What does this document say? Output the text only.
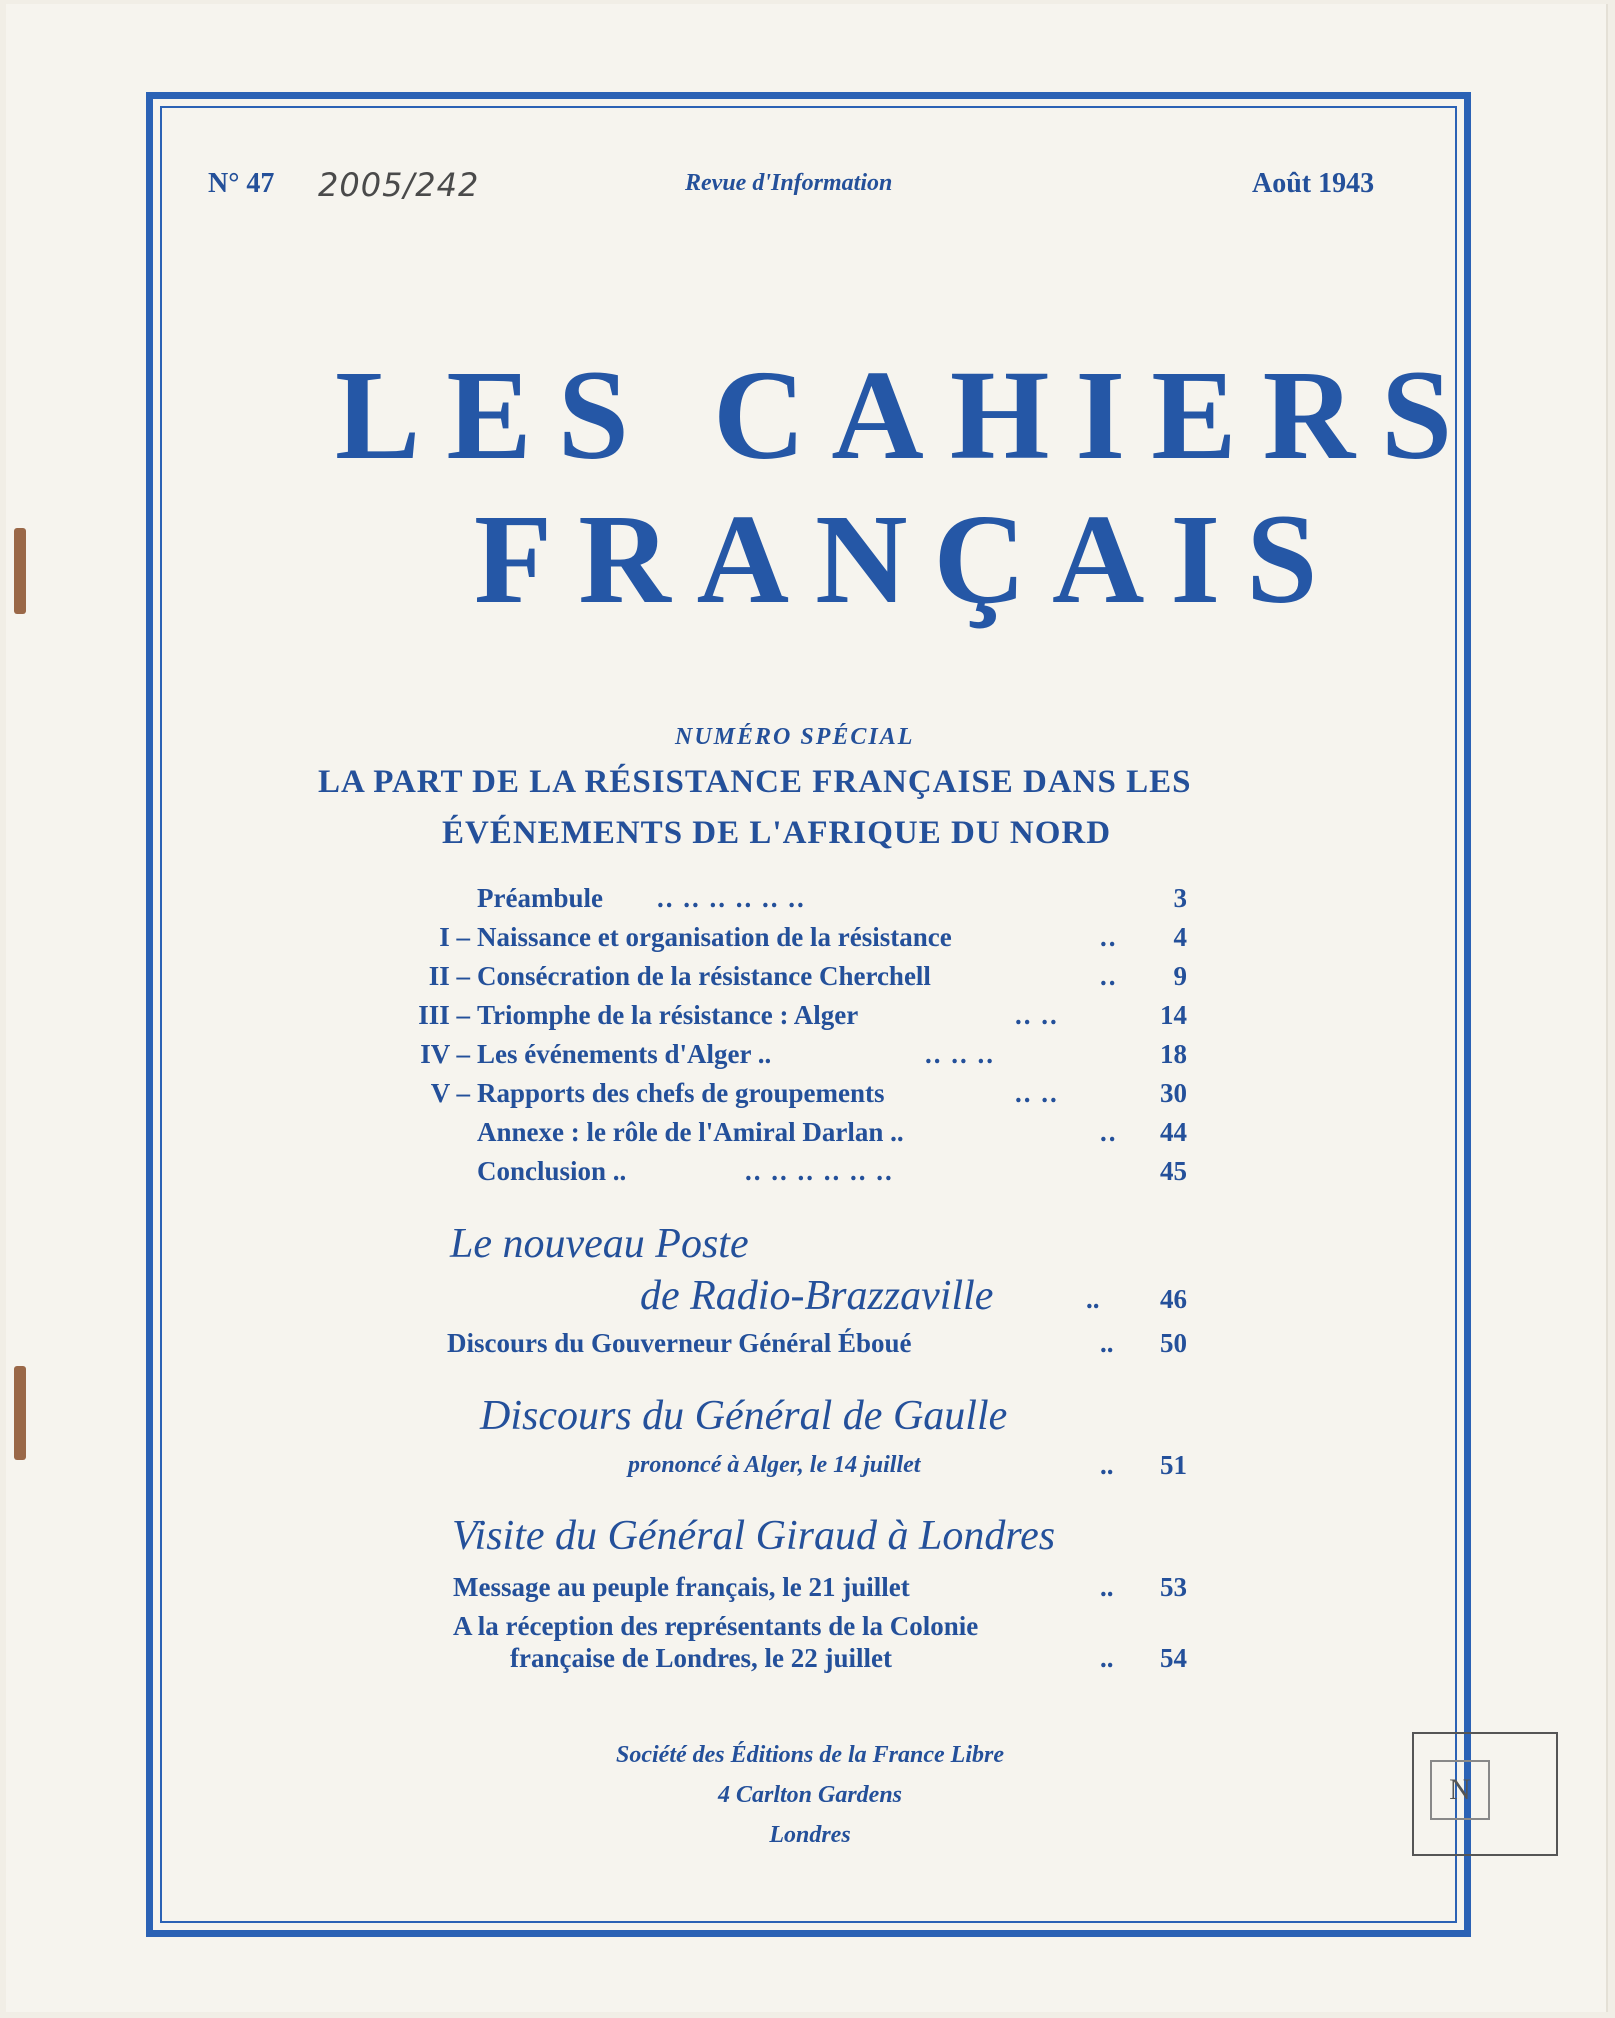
N° 47 2005/242	Revue d'Information	Août 1943
LES CAHIERS
FRANÇAIS
NUMÉRO SPÉCIAL
LA PART DE LA RÉSISTANCE FRANÇAISE DANS LES
ÉVÉNEMENTS DE L'AFRIQUE DU NORD
Préambule .. .. .. .. .. ..	3
I – Naissance et organisation de la résistance	..	4
II – Consécration de la résistance Cherchell	..	9
III – Triomphe de la résistance : Alger	.. ..	14
IV – Les événements d'Alger ..	.. .. ..	18
V – Rapports des chefs de groupements	.. ..	30
Annexe : le rôle de l'Amiral Darlan ..	..	44
Conclusion ..	.. .. .. .. .. ..	45
Le nouveau Poste
de Radio-Brazzaville	..	46
Discours du Gouverneur Général Éboué	..	50
Discours du Général de Gaulle
prononcé à Alger, le 14 juillet	..	51
Visite du Général Giraud à Londres
Message au peuple français, le 21 juillet	..	53
A la réception des représentants de la Colonie
française de Londres, le 22 juillet	..	54
Société des Éditions de la France Libre
4 Carlton Gardens
Londres
N
